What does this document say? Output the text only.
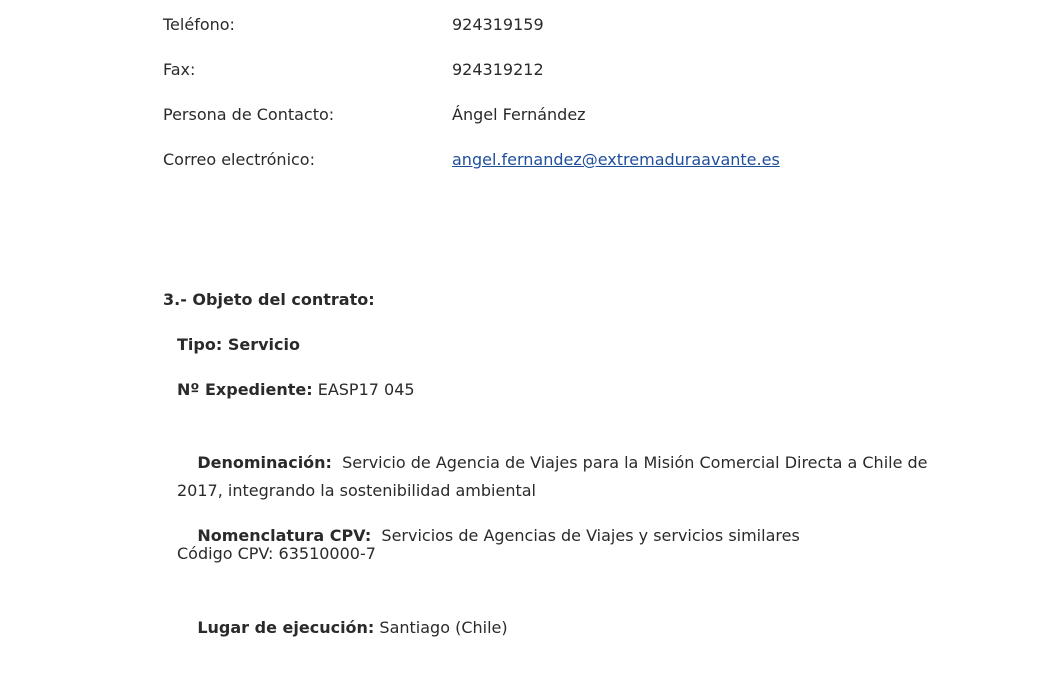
Teléfono:	924319159
Fax:	924319212
Persona de Contacto:	Ángel Fernández
Correo electrónico:	angel.fernandez@extremaduraavante.es
3.- Objeto del contrato:
Tipo: Servicio
Nº Expediente: EASP17 045

Denominación:  Servicio de Agencia de Viajes para la Misión Comercial Directa a Chile de 2017, integrando la sostenibilidad ambiental

Nomenclatura CPV:  Servicios de Agencias de Viajes y servicios similares

Código CPV: 63510000-7

Lugar de ejecución: Santiago (Chile)
